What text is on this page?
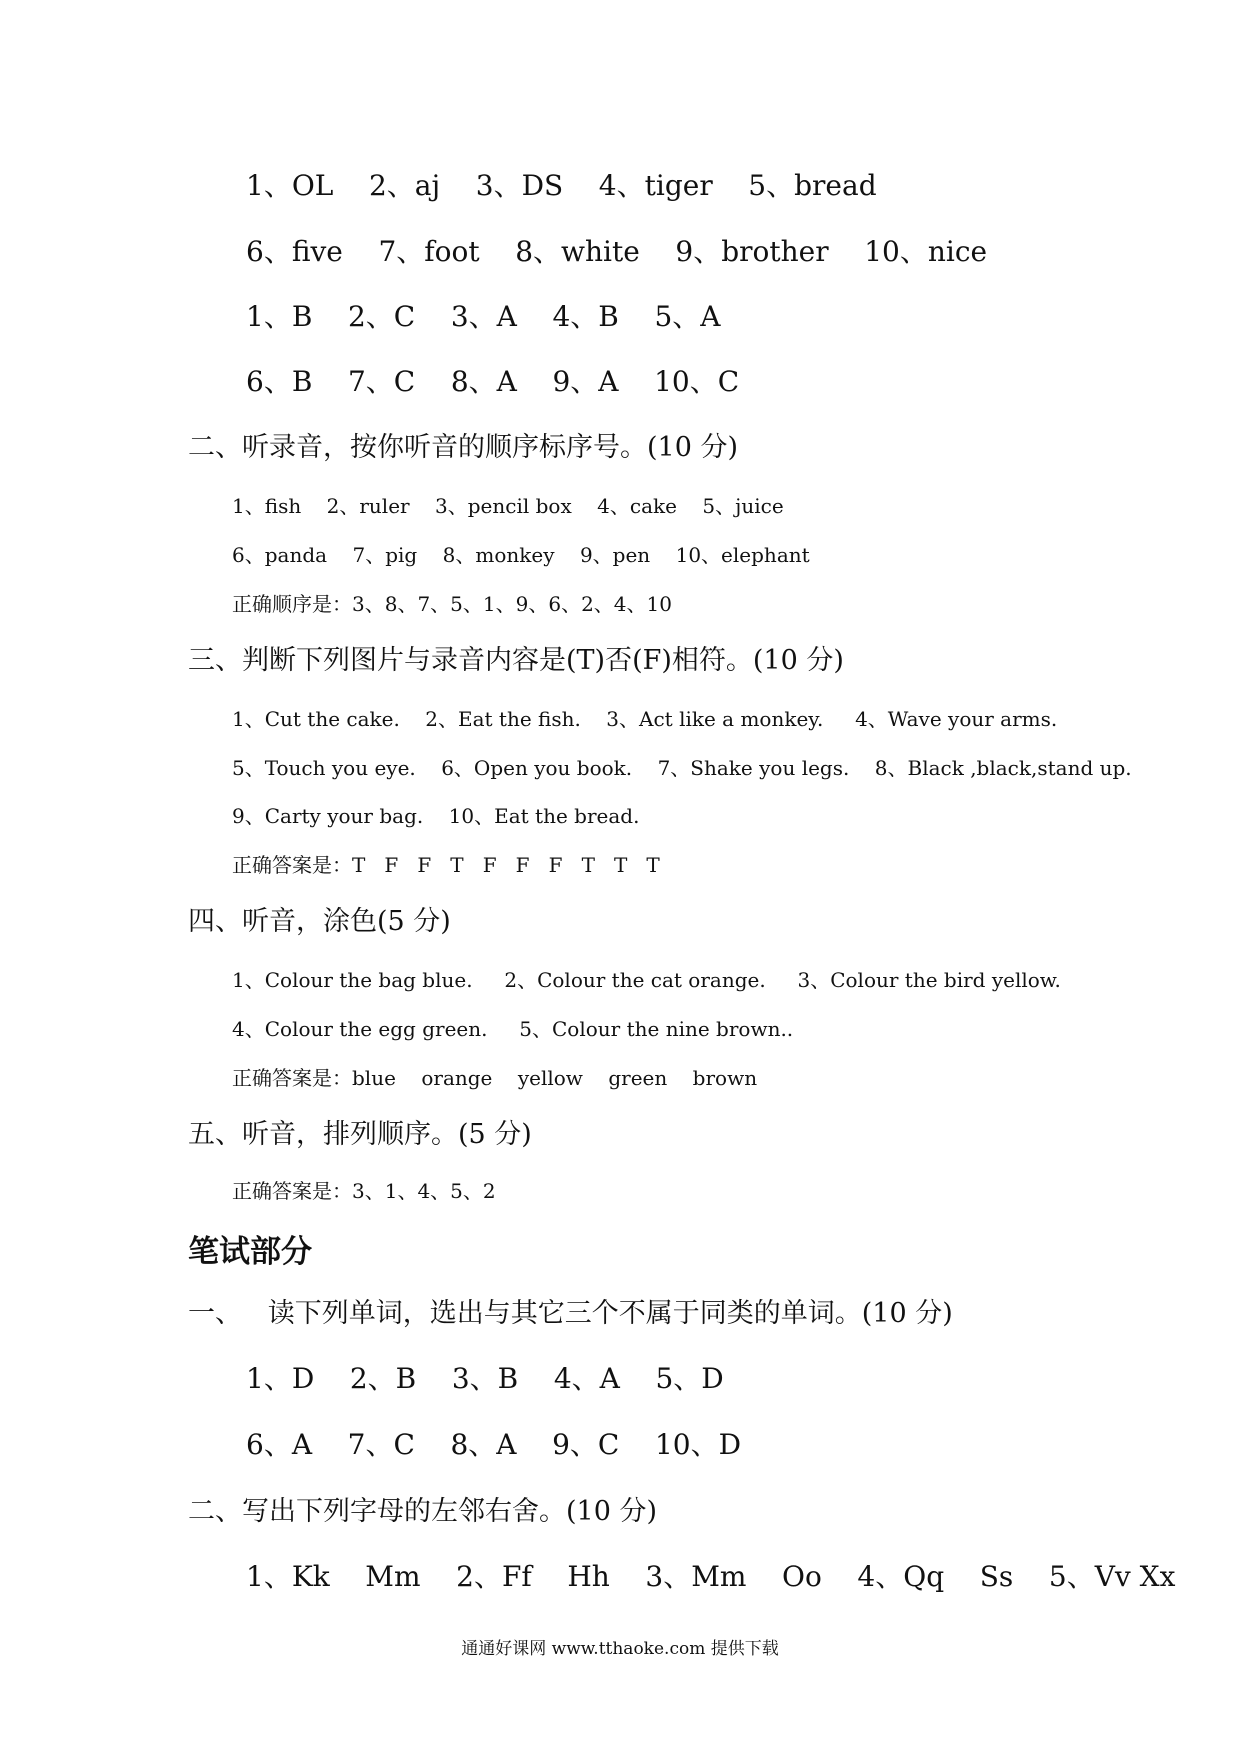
1、OL    2、aj    3、DS    4、tiger    5、bread
6、five    7、foot    8、white    9、brother    10、nice
1、B    2、C    3、A    4、B    5、A
6、B    7、C    8、A    9、A    10、C
二、听录音，按你听音的顺序标序号。(10 分)
1、fish    2、ruler    3、pencil box    4、cake    5、juice
6、panda    7、pig    8、monkey    9、pen    10、elephant
正确顺序是：3、8、7、5、1、9、6、2、4、10
三、判断下列图片与录音内容是(T)否(F)相符。(10 分)
1、Cut the cake.    2、Eat the fish.    3、Act like a monkey.     4、Wave your arms.
5、Touch you eye.    6、Open you book.    7、Shake you legs.    8、Black ,black,stand up.
9、Carty your bag.    10、Eat the bread.
正确答案是：T   F   F   T   F   F   F   T   T   T
四、听音，涂色(5 分)
1、Colour the bag blue.     2、Colour the cat orange.     3、Colour the bird yellow.
4、Colour the egg green.     5、Colour the nine brown..
正确答案是：blue    orange    yellow    green    brown
五、听音，排列顺序。(5 分)
正确答案是：3、1、4、5、2
笔试部分
一、   读下列单词，选出与其它三个不属于同类的单词。(10 分)
1、D    2、B    3、B    4、A    5、D
6、A    7、C    8、A    9、C    10、D
二、写出下列字母的左邻右舍。(10 分)
1、Kk    Mm    2、Ff    Hh    3、Mm    Oo    4、Qq    Ss    5、Vv Xx
通通好课网 www.tthaoke.com 提供下载
